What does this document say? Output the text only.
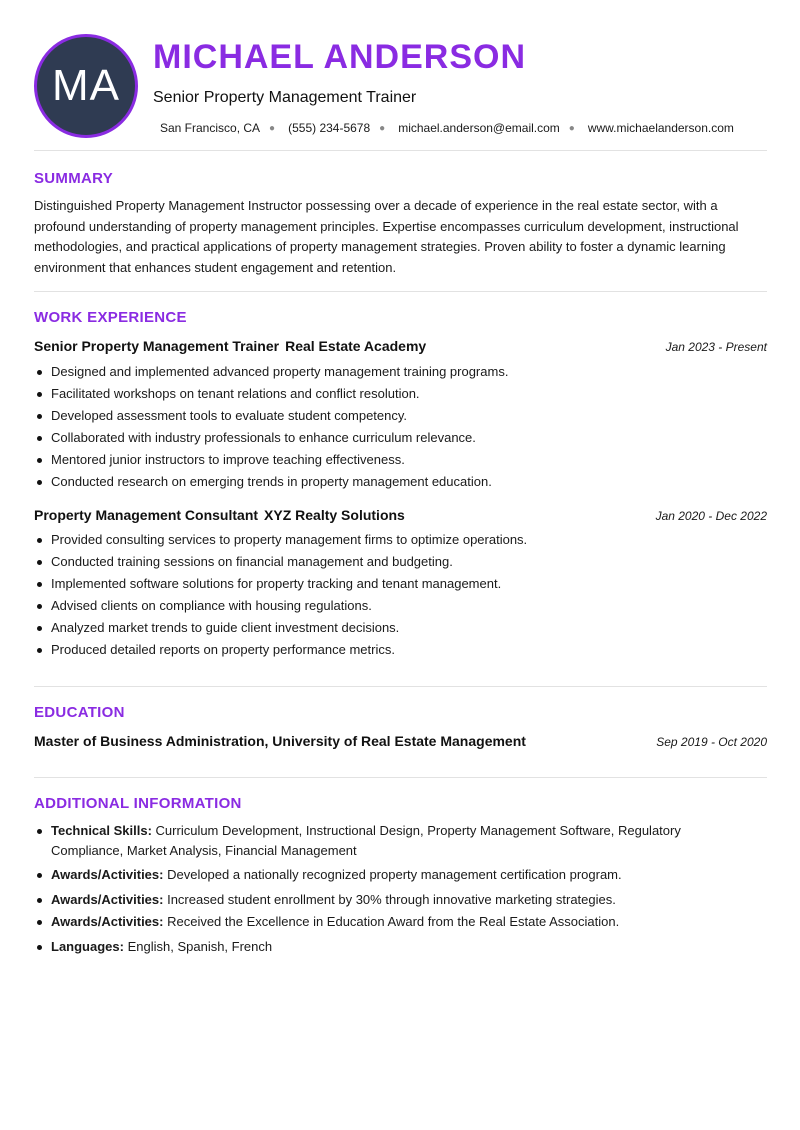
MA
MICHAEL ANDERSON
Senior Property Management Trainer
San Francisco, CA ● (555) 234-5678 ● michael.anderson@email.com ● www.michaelanderson.com
SUMMARY

Distinguished Property Management Instructor possessing over a decade of experience in the real estate sector, with a profound understanding of property management principles. Expertise encompasses curriculum development, instructional methodologies, and practical applications of property management strategies. Proven ability to foster a dynamic learning environment that enhances student engagement and retention.

WORK EXPERIENCE
Senior Property Management Trainer Real Estate Academy	Jan 2023 - Present
Designed and implemented advanced property management training programs.
Facilitated workshops on tenant relations and conflict resolution.
Developed assessment tools to evaluate student competency.
Collaborated with industry professionals to enhance curriculum relevance.
Mentored junior instructors to improve teaching effectiveness.
Conducted research on emerging trends in property management education.
Property Management Consultant XYZ Realty Solutions	Jan 2020 - Dec 2022
Provided consulting services to property management firms to optimize operations.
Conducted training sessions on financial management and budgeting.
Implemented software solutions for property tracking and tenant management.
Advised clients on compliance with housing regulations.
Analyzed market trends to guide client investment decisions.
Produced detailed reports on property performance metrics.
EDUCATION
Master of Business Administration, University of Real Estate Management	Sep 2019 - Oct 2020
ADDITIONAL INFORMATION
Technical Skills: Curriculum Development, Instructional Design, Property Management Software, Regulatory Compliance, Market Analysis, Financial Management
Awards/Activities: Developed a nationally recognized property management certification program.
Awards/Activities: Increased student enrollment by 30% through innovative marketing strategies.
Awards/Activities: Received the Excellence in Education Award from the Real Estate Association.
Languages: English, Spanish, French
